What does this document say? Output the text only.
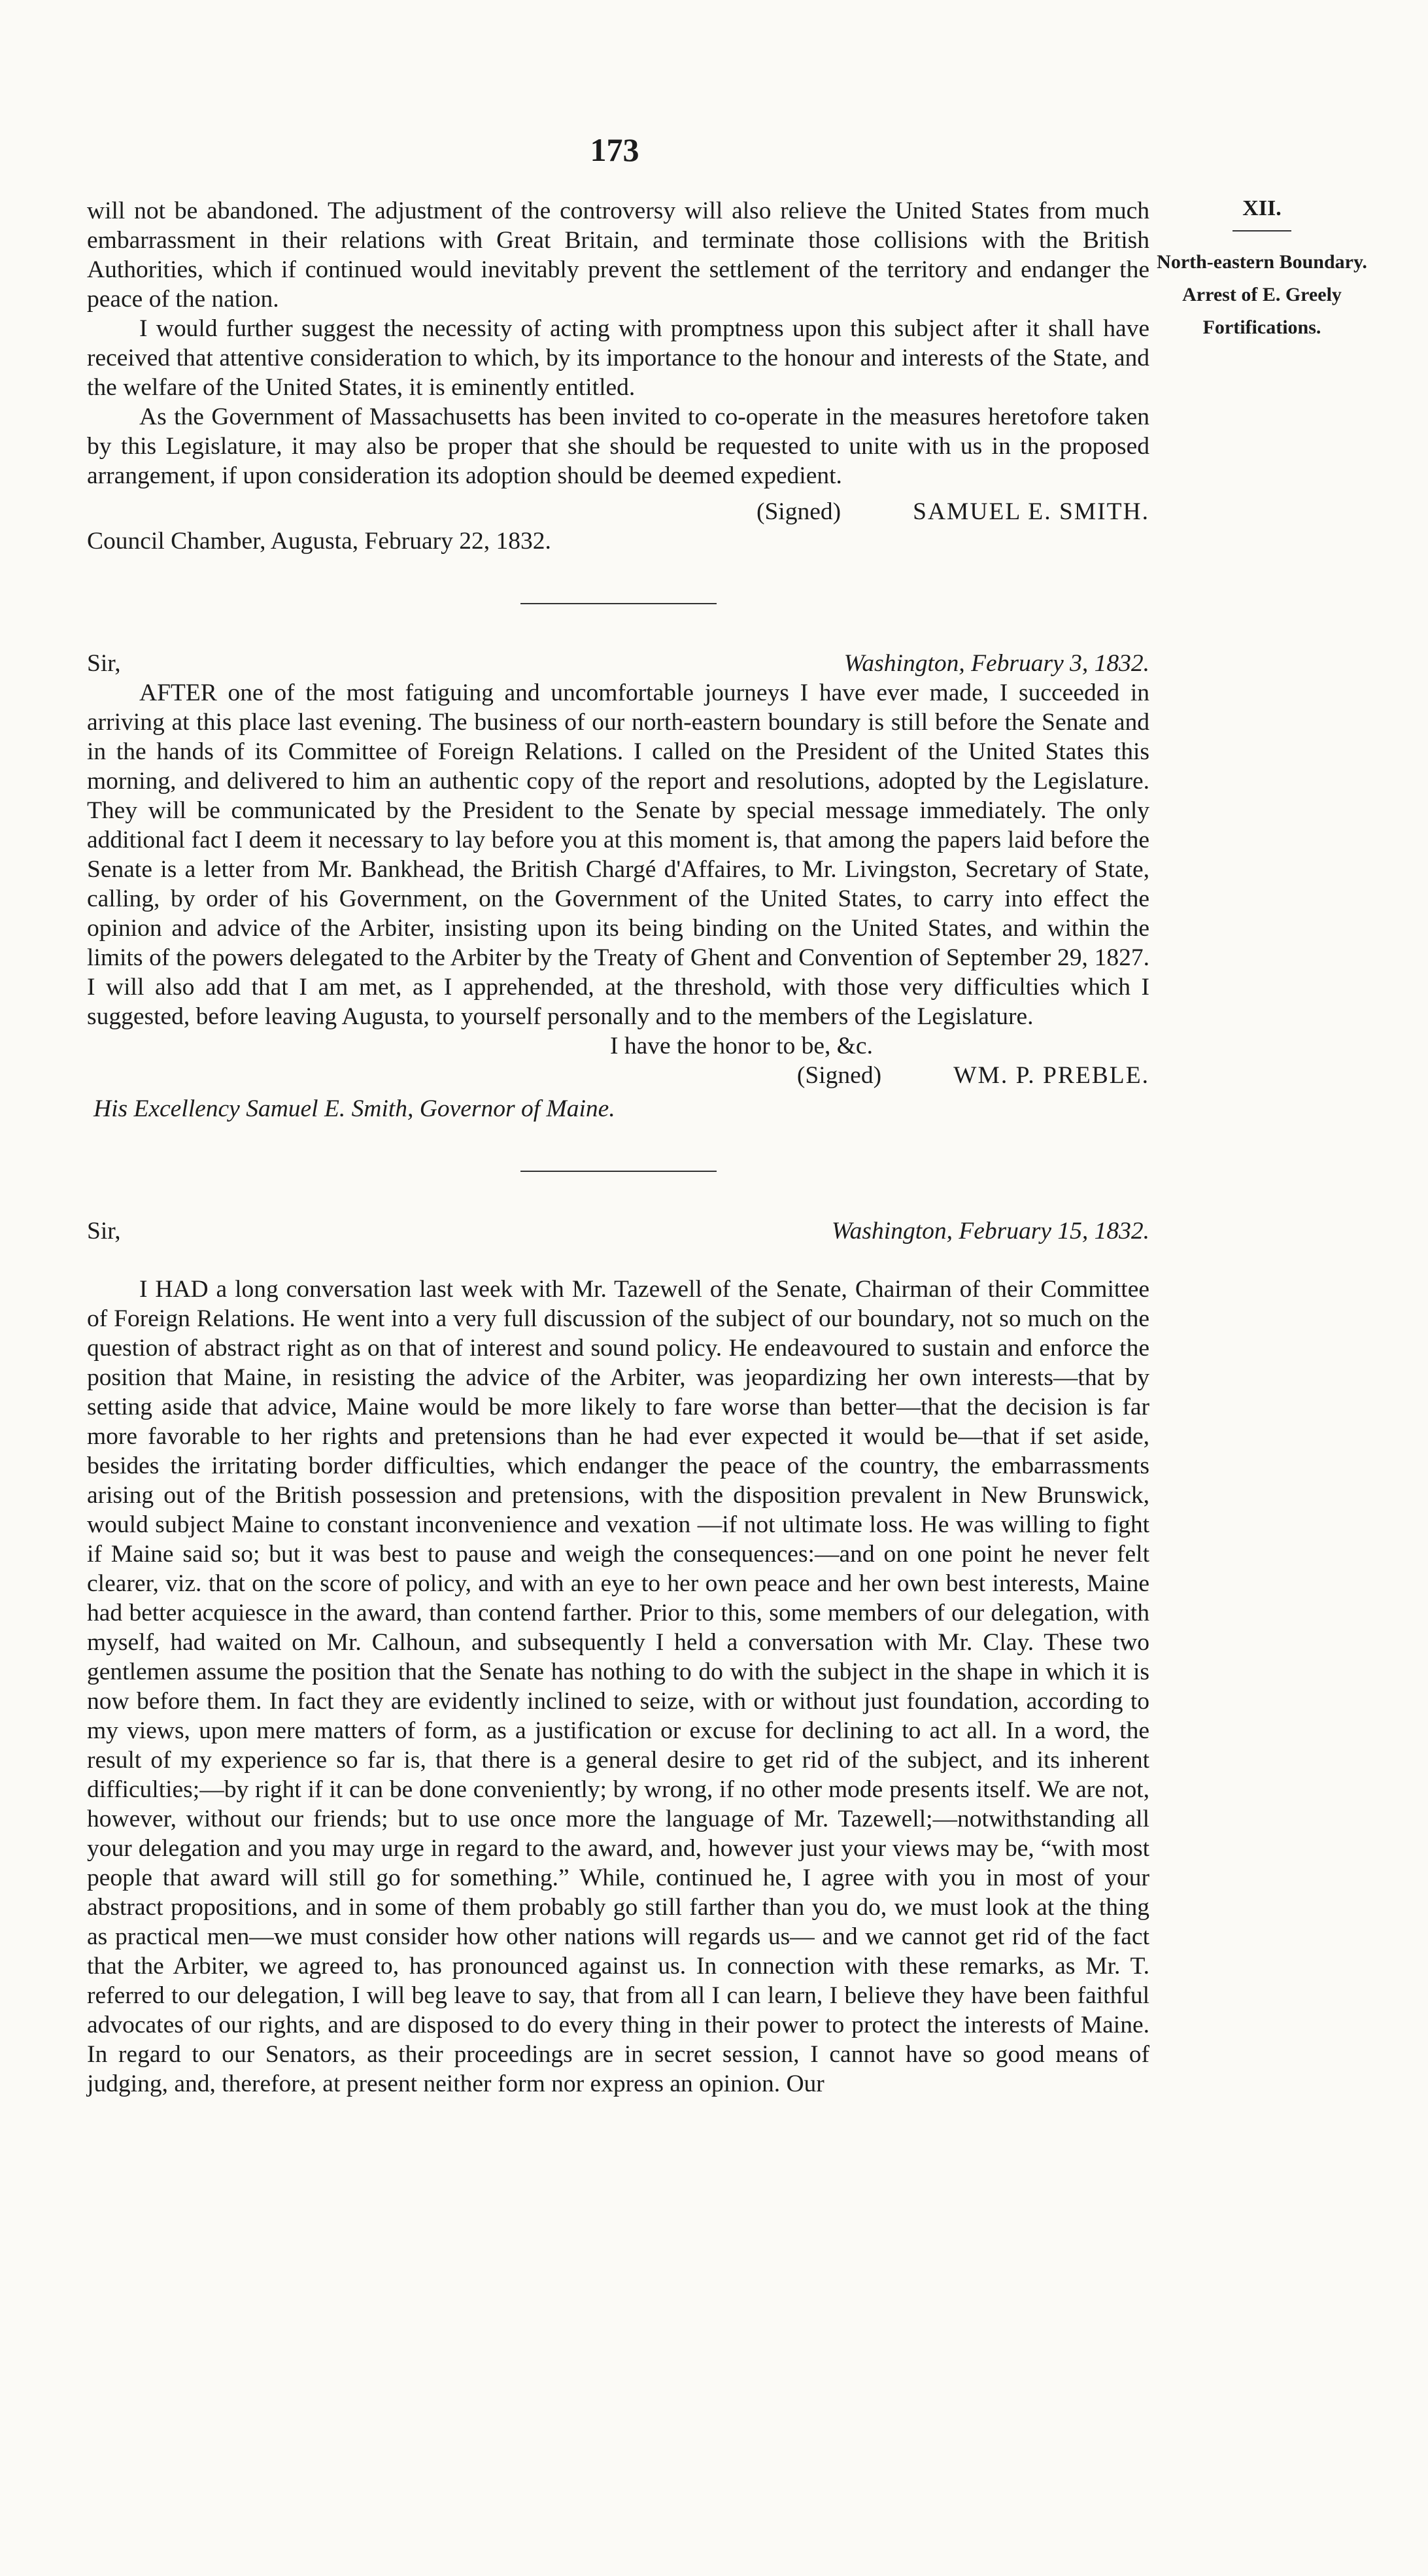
173
XII.
North-eastern Boundary.
Arrest of E. Greely
Fortifications.

will not be abandoned. The adjustment of the controversy will also relieve the United States from much embarrassment in their relations with Great Britain, and terminate those collisions with the British Authorities, which if continued would inevitably prevent the settlement of the territory and endanger the peace of the nation.

I would further suggest the necessity of acting with promptness upon this subject after it shall have received that attentive consideration to which, by its importance to the honour and interests of the State, and the welfare of the United States, it is eminently entitled.

As the Government of Massachusetts has been invited to co-operate in the measures heretofore taken by this Legislature, it may also be proper that she should be requested to unite with us in the proposed arrangement, if upon consideration its adoption should be deemed expedient.

(Signed)	SAMUEL E. SMITH.

Council Chamber, Augusta, February 22, 1832.

Sir,	Washington, February 3, 1832.

AFTER one of the most fatiguing and uncomfortable journeys I have ever made, I succeeded in arriving at this place last evening. The business of our north-eastern boundary is still before the Senate and in the hands of its Committee of Foreign Relations. I called on the President of the United States this morning, and delivered to him an authentic copy of the report and resolutions, adopted by the Legislature. They will be communicated by the President to the Senate by special message immediately. The only additional fact I deem it necessary to lay before you at this moment is, that among the papers laid before the Senate is a letter from Mr. Bankhead, the British Chargé d'Affaires, to Mr. Livingston, Secretary of State, calling, by order of his Government, on the Government of the United States, to carry into effect the opinion and advice of the Arbiter, insisting upon its being binding on the United States, and within the limits of the powers delegated to the Arbiter by the Treaty of Ghent and Convention of September 29, 1827. I will also add that I am met, as I apprehended, at the threshold, with those very difficulties which I suggested, before leaving Augusta, to yourself personally and to the members of the Legislature.

I have the honor to be, &c.
(Signed)	WM. P. PREBLE.
His Excellency Samuel E. Smith, Governor of Maine.
Sir,	Washington, February 15, 1832.

I HAD a long conversation last week with Mr. Tazewell of the Senate, Chairman of their Committee of Foreign Relations. He went into a very full discussion of the subject of our boundary, not so much on the question of abstract right as on that of interest and sound policy. He endeavoured to sustain and enforce the position that Maine, in resisting the advice of the Arbiter, was jeopardizing her own interests—that by setting aside that advice, Maine would be more likely to fare worse than better—that the decision is far more favorable to her rights and pretensions than he had ever expected it would be—that if set aside, besides the irritating border difficulties, which endanger the peace of the country, the embarrassments arising out of the British possession and pretensions, with the disposition prevalent in New Brunswick, would subject Maine to constant inconvenience and vexation —if not ultimate loss. He was willing to fight if Maine said so; but it was best to pause and weigh the consequences:—and on one point he never felt clearer, viz. that on the score of policy, and with an eye to her own peace and her own best interests, Maine had better acquiesce in the award, than contend farther. Prior to this, some members of our delegation, with myself, had waited on Mr. Calhoun, and subsequently I held a conversation with Mr. Clay. These two gentlemen assume the position that the Senate has nothing to do with the subject in the shape in which it is now before them. In fact they are evidently inclined to seize, with or without just foundation, according to my views, upon mere matters of form, as a justification or excuse for declining to act all. In a word, the result of my experience so far is, that there is a general desire to get rid of the subject, and its inherent difficulties;—by right if it can be done conveniently; by wrong, if no other mode presents itself. We are not, however, without our friends; but to use once more the language of Mr. Tazewell;—notwithstanding all your delegation and you may urge in regard to the award, and, however just your views may be, “with most people that award will still go for something.” While, continued he, I agree with you in most of your abstract propositions, and in some of them probably go still farther than you do, we must look at the thing as practical men—we must consider how other nations will regards us— and we cannot get rid of the fact that the Arbiter, we agreed to, has pronounced against us. In connection with these remarks, as Mr. T. referred to our delegation, I will beg leave to say, that from all I can learn, I believe they have been faithful advocates of our rights, and are disposed to do every thing in their power to protect the interests of Maine. In regard to our Senators, as their proceedings are in secret session, I cannot have so good means of judging, and, therefore, at present neither form nor express an opinion. Our
